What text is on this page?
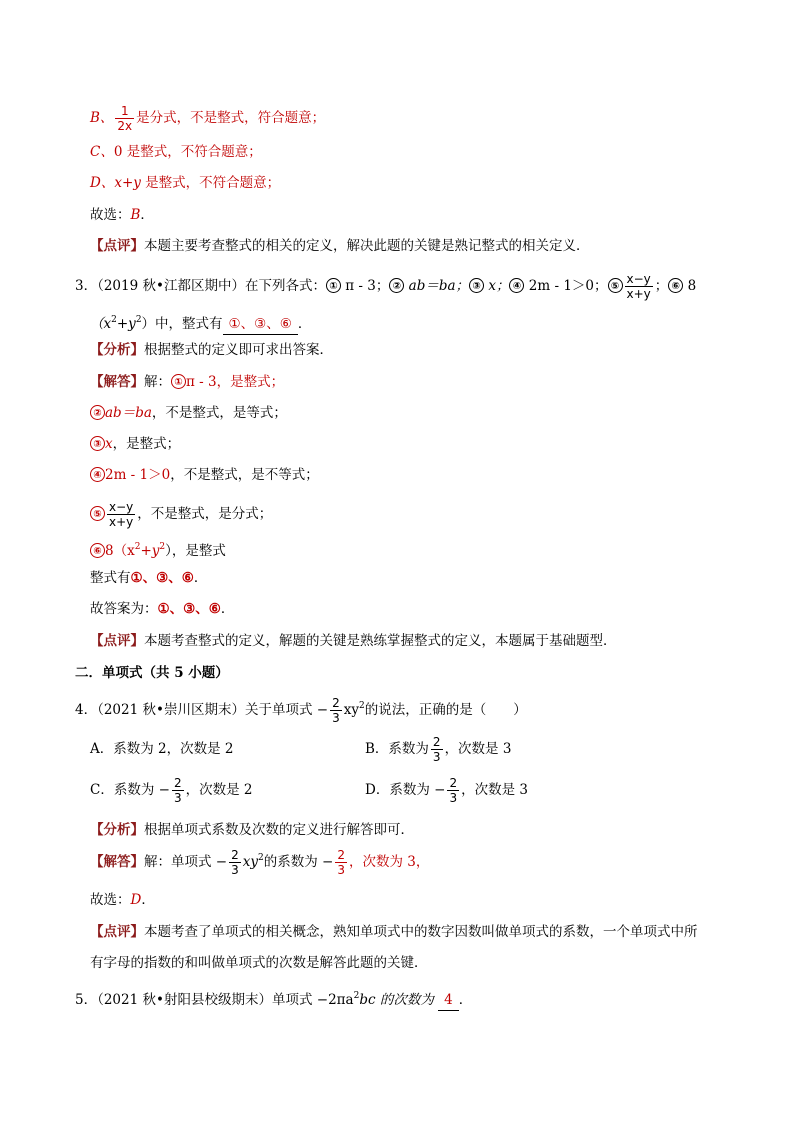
B、 $\frac{1}{2x}$ 是分式，不是整式，符合题意；
C、0 是整式，不符合题意；
D、x+y 是整式，不符合题意；
故选：B．
【点评】本题主要考查整式的相关的定义，解决此题的关键是熟记整式的相关定义．
3．（2019 秋•江都区期中）在下列各式： ① π - 3； ② ab＝ba； ③ x； ④ 2m - 1＞0； ⑤ $\frac{x-y}{x+y}$ ； ⑥ 8
$(x^2+y^2)$中，整式有 ①、③、⑥ ．
【分析】根据整式的定义即可求出答案．
【解答】解： ① π - 3，是整式；
② ab＝ba，不是整式，是等式；
③ x，是整式；
④ 2m - 1＞0，不是整式，是不等式；
⑤ $\frac{x-y}{x+y}$ ，不是整式，是分式；
⑥ $8(x^2+y^2)$，是整式
整式有①、③、⑥．
故答案为：①、③、⑥．
【点评】本题考查整式的定义，解题的关键是熟练掌握整式的定义，本题属于基础题型．
二．单项式（共 5 小题）
4．（2021 秋•崇川区期末）关于单项式 − $\frac{2}{3} xy^2$的说法，正确的是（　　）
A．系数为 2，次数是 2	B．系数为 $\frac{2}{3}$ ，次数是 3
C．系数为 − $\frac{2}{3}$ ，次数是 2	D．系数为 − $\frac{2}{3}$ ，次数是 3
【分析】根据单项式系数及次数的定义进行解答即可．
【解答】解：单项式 − $\frac{2}{3} xy^2$的系数为 − $\frac{2}{3}$ ，次数为 3，
故选：D．
【点评】本题考查了单项式的相关概念，熟知单项式中的数字因数叫做单项式的系数，一个单项式中所
有字母的指数的和叫做单项式的次数是解答此题的关键．
5．（2021 秋•射阳县校级期末）单项式 $-2\pi a^2bc$ 的次数为 4 ．
